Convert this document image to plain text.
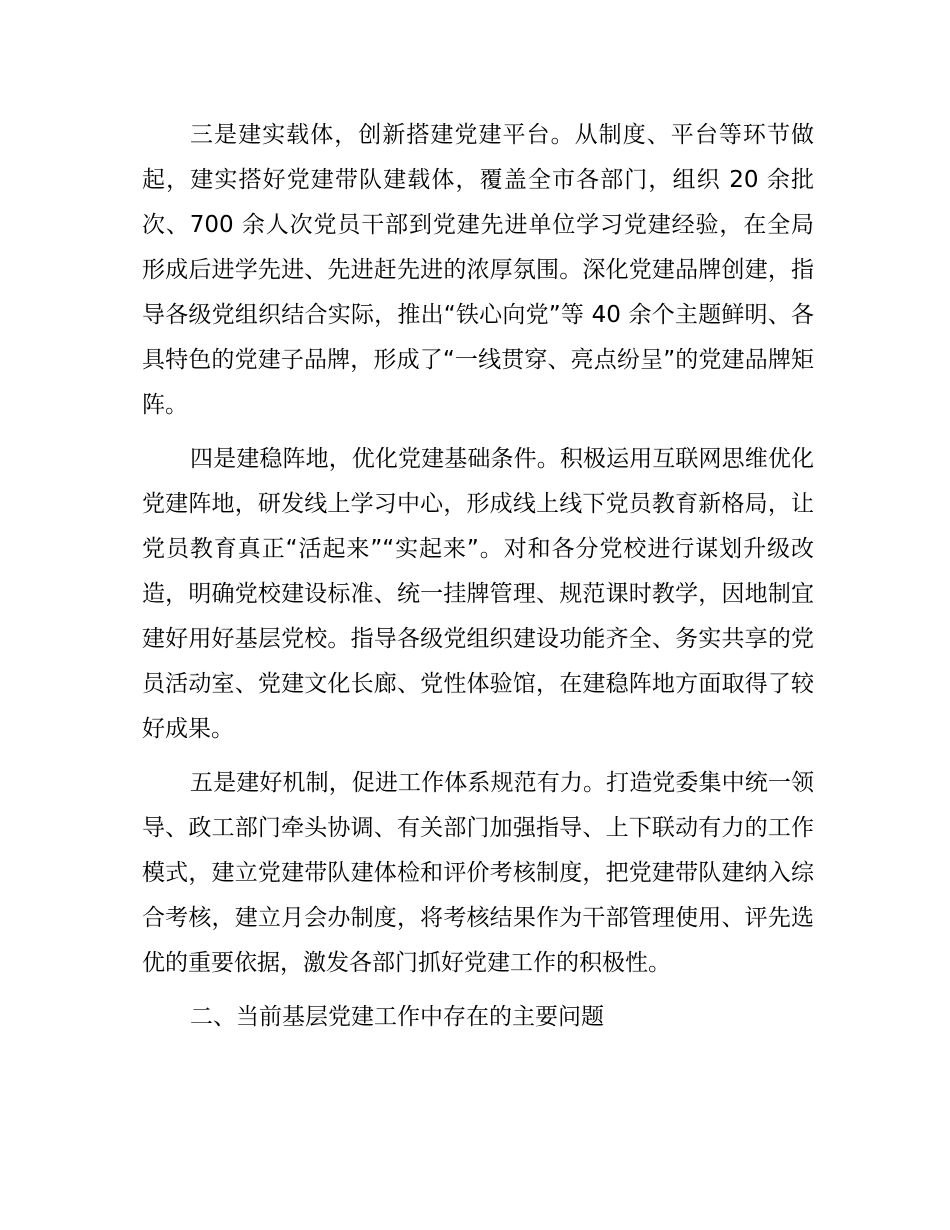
三是建实载体，创新搭建党建平台。从制度、平台等环节做起，建实搭好党建带队建载体，覆盖全市各部门，组织 20 余批次、700 余人次党员干部到党建先进单位学习党建经验，在全局形成后进学先进、先进赶先进的浓厚氛围。深化党建品牌创建，指导各级党组织结合实际，推出“铁心向党”等 40 余个主题鲜明、各具特色的党建子品牌，形成了“一线贯穿、亮点纷呈”的党建品牌矩阵。

四是建稳阵地，优化党建基础条件。积极运用互联网思维优化党建阵地，研发线上学习中心，形成线上线下党员教育新格局，让党员教育真正“活起来”“实起来”。对和各分党校进行谋划升级改造，明确党校建设标准、统一挂牌管理、规范课时教学，因地制宜建好用好基层党校。指导各级党组织建设功能齐全、务实共享的党员活动室、党建文化长廊、党性体验馆，在建稳阵地方面取得了较好成果。

五是建好机制，促进工作体系规范有力。打造党委集中统一领导、政工部门牵头协调、有关部门加强指导、上下联动有力的工作模式，建立党建带队建体检和评价考核制度，把党建带队建纳入综合考核，建立月会办制度，将考核结果作为干部管理使用、评先选优的重要依据，激发各部门抓好党建工作的积极性。

二、当前基层党建工作中存在的主要问题
